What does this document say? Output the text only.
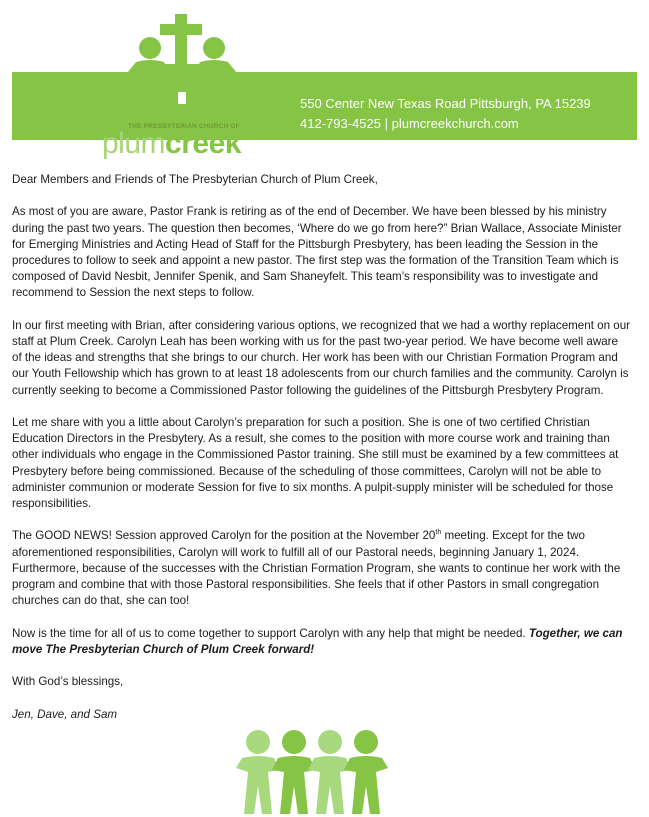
THE PRESBYTERIAN CHURCH OF
plumcreek
550 Center New Texas Road Pittsburgh, PA 15239
412-793-4525 | plumcreekchurch.com

Dear Members and Friends of The Presbyterian Church of Plum Creek,

As most of you are aware, Pastor Frank is retiring as of the end of December. We have been blessed by his ministry during the past two years. The question then becomes, ‘Where do we go from here?” Brian Wallace, Associate Minister for Emerging Ministries and Acting Head of Staff for the Pittsburgh Presbytery, has been leading the Session in the procedures to follow to seek and appoint a new pastor. The first step was the formation of the Transition Team which is composed of David Nesbit, Jennifer Spenik, and Sam Shaneyfelt. This team’s responsibility was to investigate and recommend to Session the next steps to follow.

In our first meeting with Brian, after considering various options, we recognized that we had a worthy replacement on our staff at Plum Creek. Carolyn Leah has been working with us for the past two-year period. We have become well aware of the ideas and strengths that she brings to our church. Her work has been with our Christian Formation Program and our Youth Fellowship which has grown to at least 18 adolescents from our church families and the community. Carolyn is currently seeking to become a Commissioned Pastor following the guidelines of the Pittsburgh Presbytery Program.

Let me share with you a little about Carolyn’s preparation for such a position. She is one of two certified Christian Education Directors in the Presbytery. As a result, she comes to the position with more course work and training than other individuals who engage in the Commissioned Pastor training. She still must be examined by a few committees at Presbytery before being commissioned. Because of the scheduling of those committees, Carolyn will not be able to administer communion or moderate Session for five to six months. A pulpit-supply minister will be scheduled for those responsibilities.

The GOOD NEWS! Session approved Carolyn for the position at the November 20th meeting. Except for the two aforementioned responsibilities, Carolyn will work to fulfill all of our Pastoral needs, beginning January 1, 2024. Furthermore, because of the successes with the Christian Formation Program, she wants to continue her work with the program and combine that with those Pastoral responsibilities. She feels that if other Pastors in small congregation churches can do that, she can too!

Now is the time for all of us to come together to support Carolyn with any help that might be needed. Together, we can move The Presbyterian Church of Plum Creek forward!

With God’s blessings,

Jen, Dave, and Sam
